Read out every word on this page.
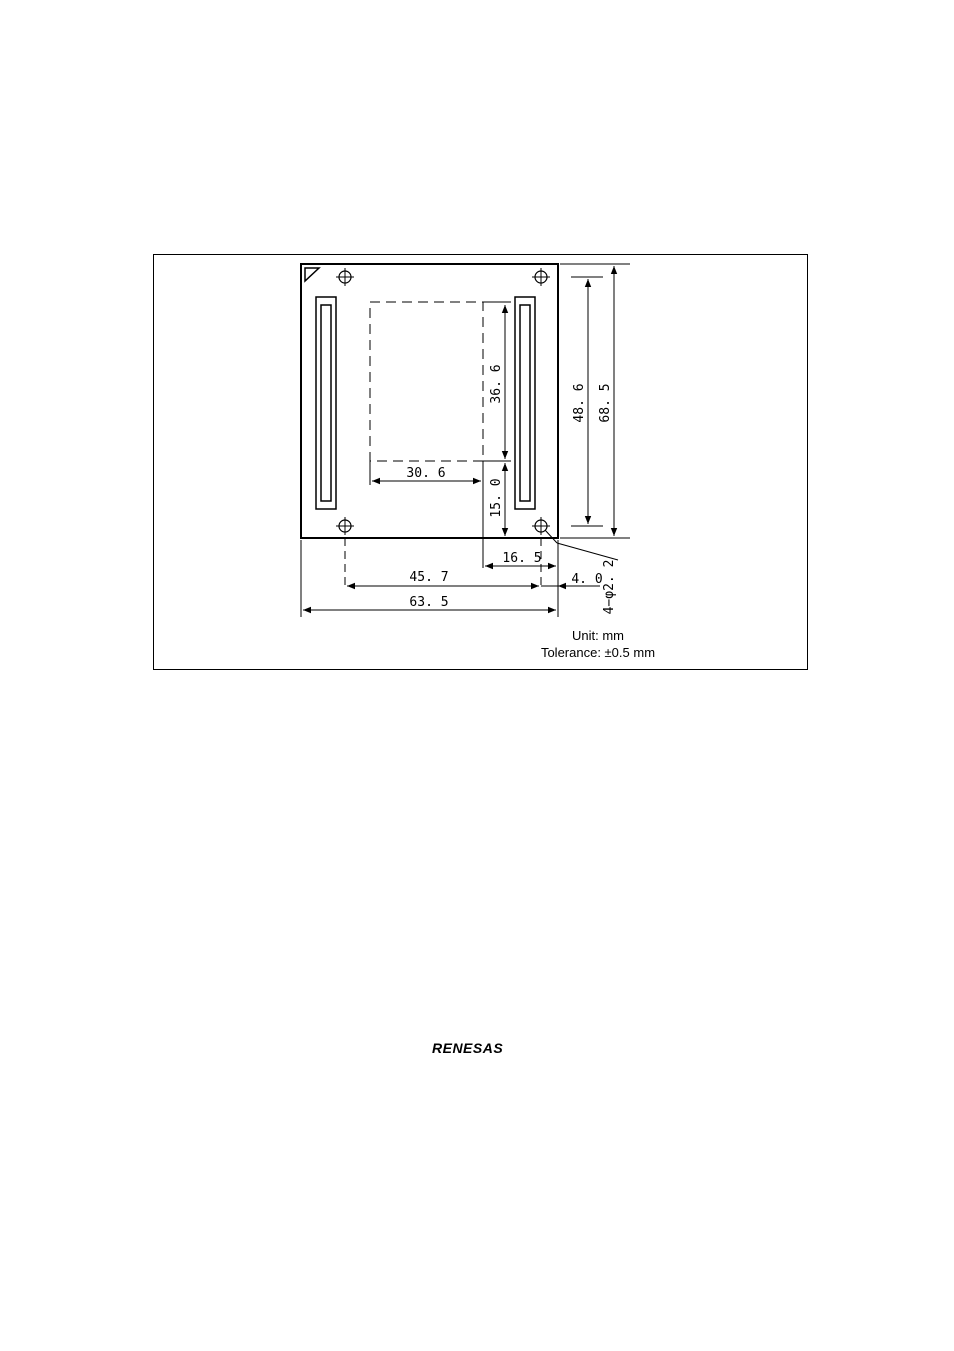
36. 6
30. 6
15. 0
48. 6 68. 5
16. 5
45. 7	4. 0
63. 5	4−φ2. 2
Unit: mm
Tolerance: ±0.5 mm
RENESAS
